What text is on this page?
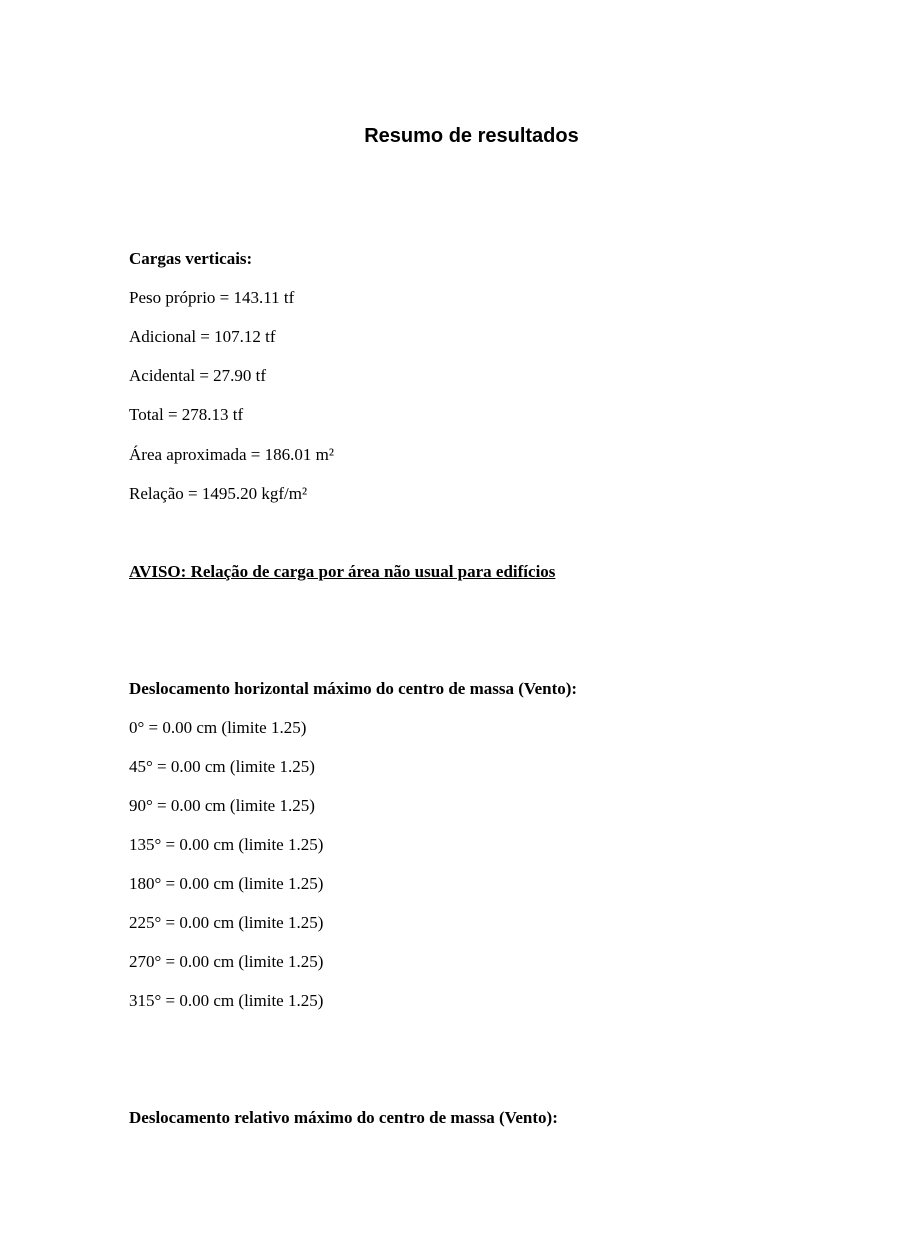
Resumo de resultados

Cargas verticais:

Peso próprio = 143.11 tf

Adicional = 107.12 tf

Acidental = 27.90 tf

Total = 278.13 tf

Área aproximada = 186.01 m²

Relação = 1495.20 kgf/m²

AVISO: Relação de carga por área não usual para edifícios

Deslocamento horizontal máximo do centro de massa (Vento):

0° = 0.00 cm (limite 1.25)

45° = 0.00 cm (limite 1.25)

90° = 0.00 cm (limite 1.25)

135° = 0.00 cm (limite 1.25)

180° = 0.00 cm (limite 1.25)

225° = 0.00 cm (limite 1.25)

270° = 0.00 cm (limite 1.25)

315° = 0.00 cm (limite 1.25)

Deslocamento relativo máximo do centro de massa (Vento):
